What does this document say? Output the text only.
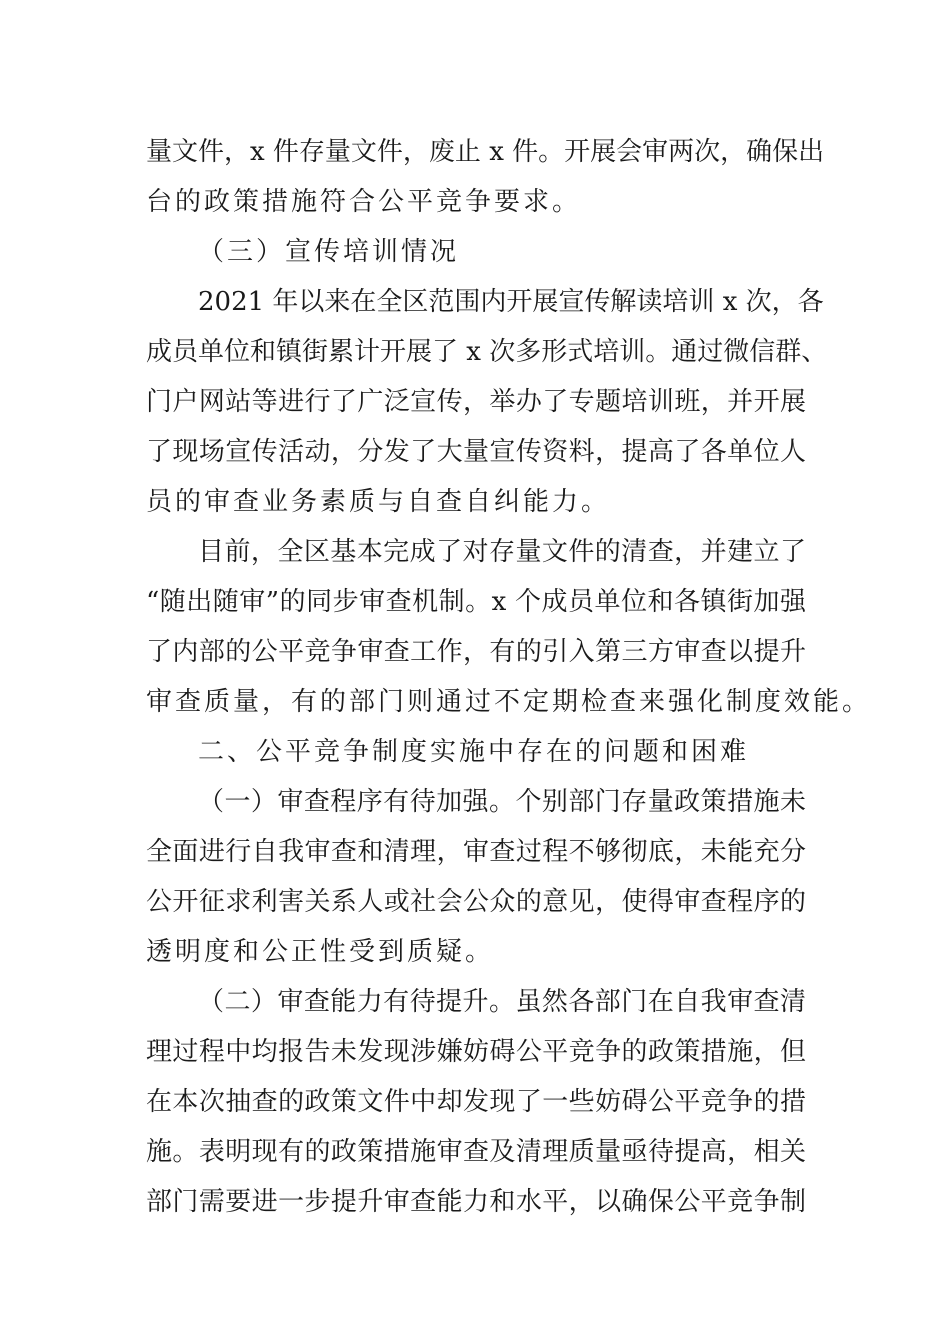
量文件，x 件存量文件，废止 x 件。开展会审两次，确保出
台的政策措施符合公平竞争要求。
（三）宣传培训情况
2021 年以来在全区范围内开展宣传解读培训 x 次，各
成员单位和镇街累计开展了 x 次多形式培训。通过微信群、
门户网站等进行了广泛宣传，举办了专题培训班，并开展
了现场宣传活动，分发了大量宣传资料，提高了各单位人
员的审查业务素质与自查自纠能力。
目前，全区基本完成了对存量文件的清查，并建立了
“随出随审”的同步审查机制。x 个成员单位和各镇街加强
了内部的公平竞争审查工作，有的引入第三方审查以提升
审查质量，有的部门则通过不定期检查来强化制度效能。
二、公平竞争制度实施中存在的问题和困难
（一）审查程序有待加强。个别部门存量政策措施未
全面进行自我审查和清理，审查过程不够彻底，未能充分
公开征求利害关系人或社会公众的意见，使得审查程序的
透明度和公正性受到质疑。
（二）审查能力有待提升。虽然各部门在自我审查清
理过程中均报告未发现涉嫌妨碍公平竞争的政策措施，但
在本次抽查的政策文件中却发现了一些妨碍公平竞争的措
施。表明现有的政策措施审查及清理质量亟待提高，相关
部门需要进一步提升审查能力和水平，以确保公平竞争制
